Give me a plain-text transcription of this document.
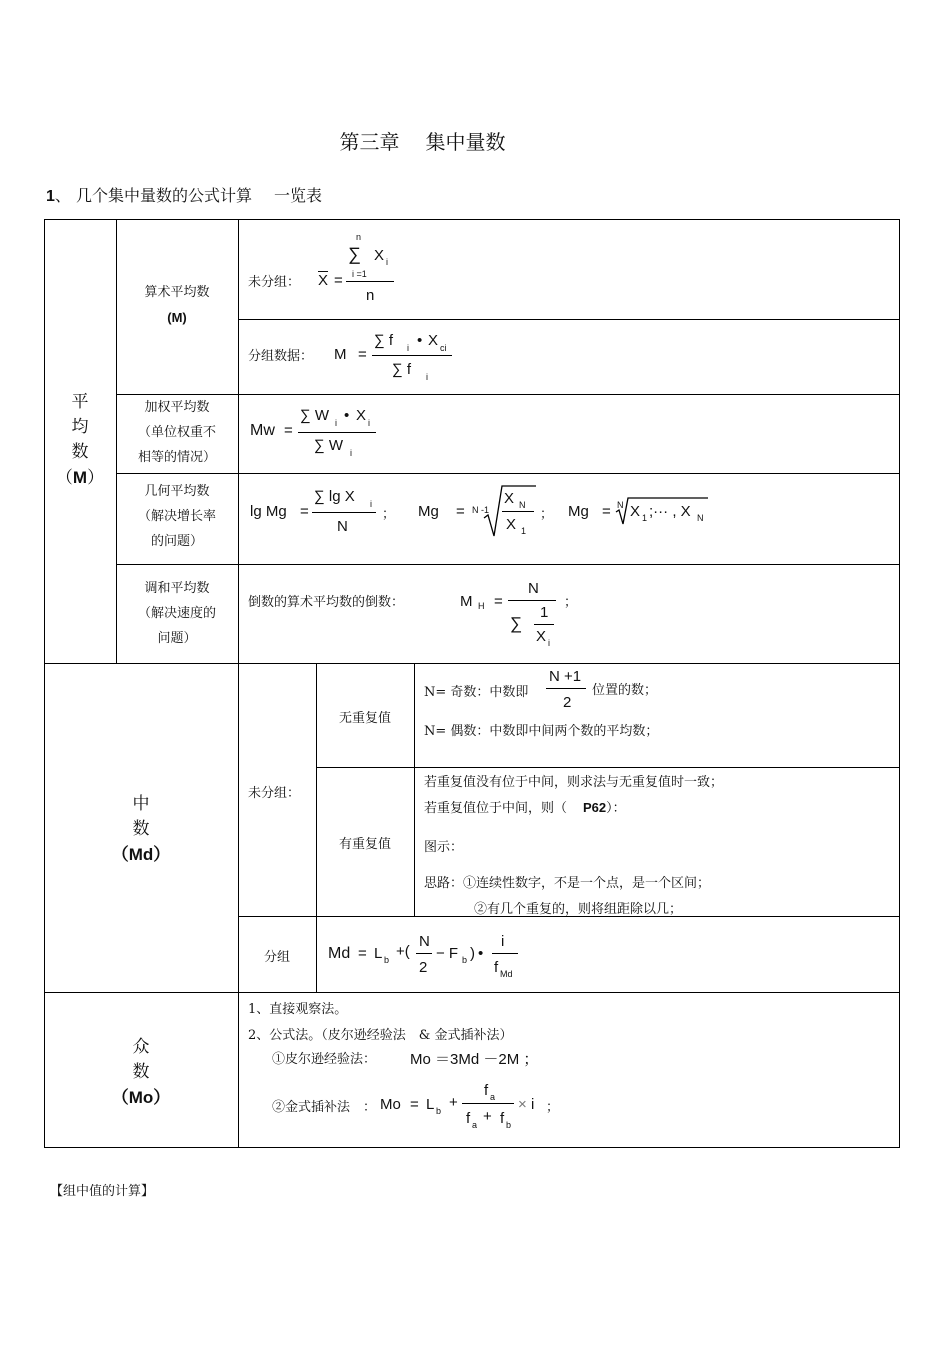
第三章 集中量数
1、 几个集中量数的公式计算 一览表
平
均
数
（M）
算术平均数
(M)
未分组：
n
∑ X i
i =1
$\overline{X}$ =
n
分组数据： M =
∑ f i • X ci
∑ f i
加权平均数
（单位权重不
相等的情况）
Mw =
∑ W i • X i
∑ W i
几何平均数
（解决增长率
的问题）
lg Mg =
∑ lg X i
N
； Mg = N -1
X N
X 1
； Mg = N X 1 ;··· , X N
调和平均数
（解决速度的
问题）
倒数的算术平均数的倒数：	M H =
N
∑
1
X i
；
中
数
（Md）
未分组：
无重复值
N= 奇数：中数即
N +1
2
位置的数；
N= 偶数：中数即中间两个数的平均数；
有重复值
若重复值没有位于中间，则求法与无重复值时一致；
若重复值位于中间，则（ P62）：
图示：
思路：①连续性数字，不是一个点，是一个区间；
②有几个重复的，则将组距除以几；
分组	Md = L b +(
N
2
− F b ) •
i
f Md
众
数
（Mo）
1、直接观察法。
2、公式法。（皮尔逊经验法　& 金式插补法）
①皮尔逊经验法： Mo ＝3Md －2M ；
②金式插补法　： Mo = L b +
f a
f a + f b
× i ；
【组中值的计算】
